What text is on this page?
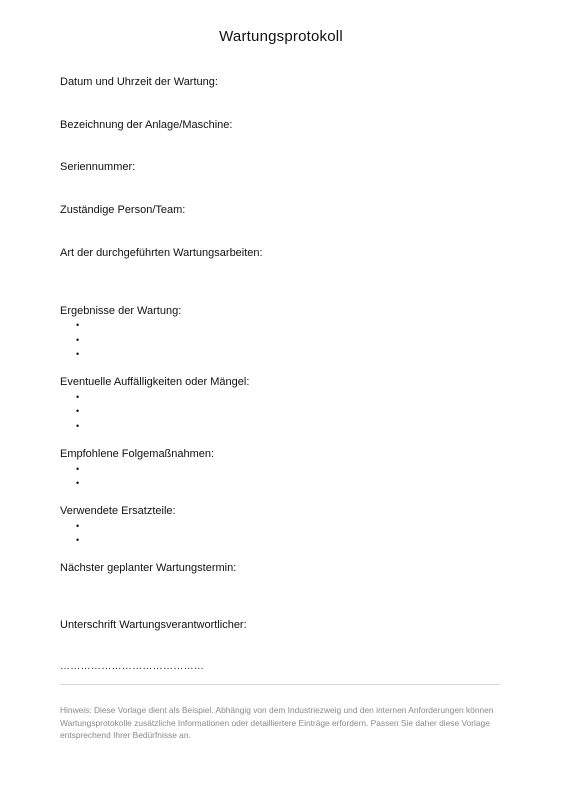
Wartungsprotokoll
Datum und Uhrzeit der Wartung:
Bezeichnung der Anlage/Maschine:
Seriennummer:
Zuständige Person/Team:
Art der durchgeführten Wartungsarbeiten:
Ergebnisse der Wartung:
•
•
•
Eventuelle Auffälligkeiten oder Mängel:
•
•
•
Empfohlene Folgemaßnahmen:
•
•
Verwendete Ersatzteile:
•
•
Nächster geplanter Wartungstermin:
Unterschrift Wartungsverantwortlicher:
……………………………………
Hinweis: Diese Vorlage dient als Beispiel. Abhängig von dem Industriezweig und den internen Anforderungen können Wartungsprotokolle zusätzliche Informationen oder detailliertere Einträge erfordern. Passen Sie daher diese Vorlage entsprechend Ihrer Bedürfnisse an.
